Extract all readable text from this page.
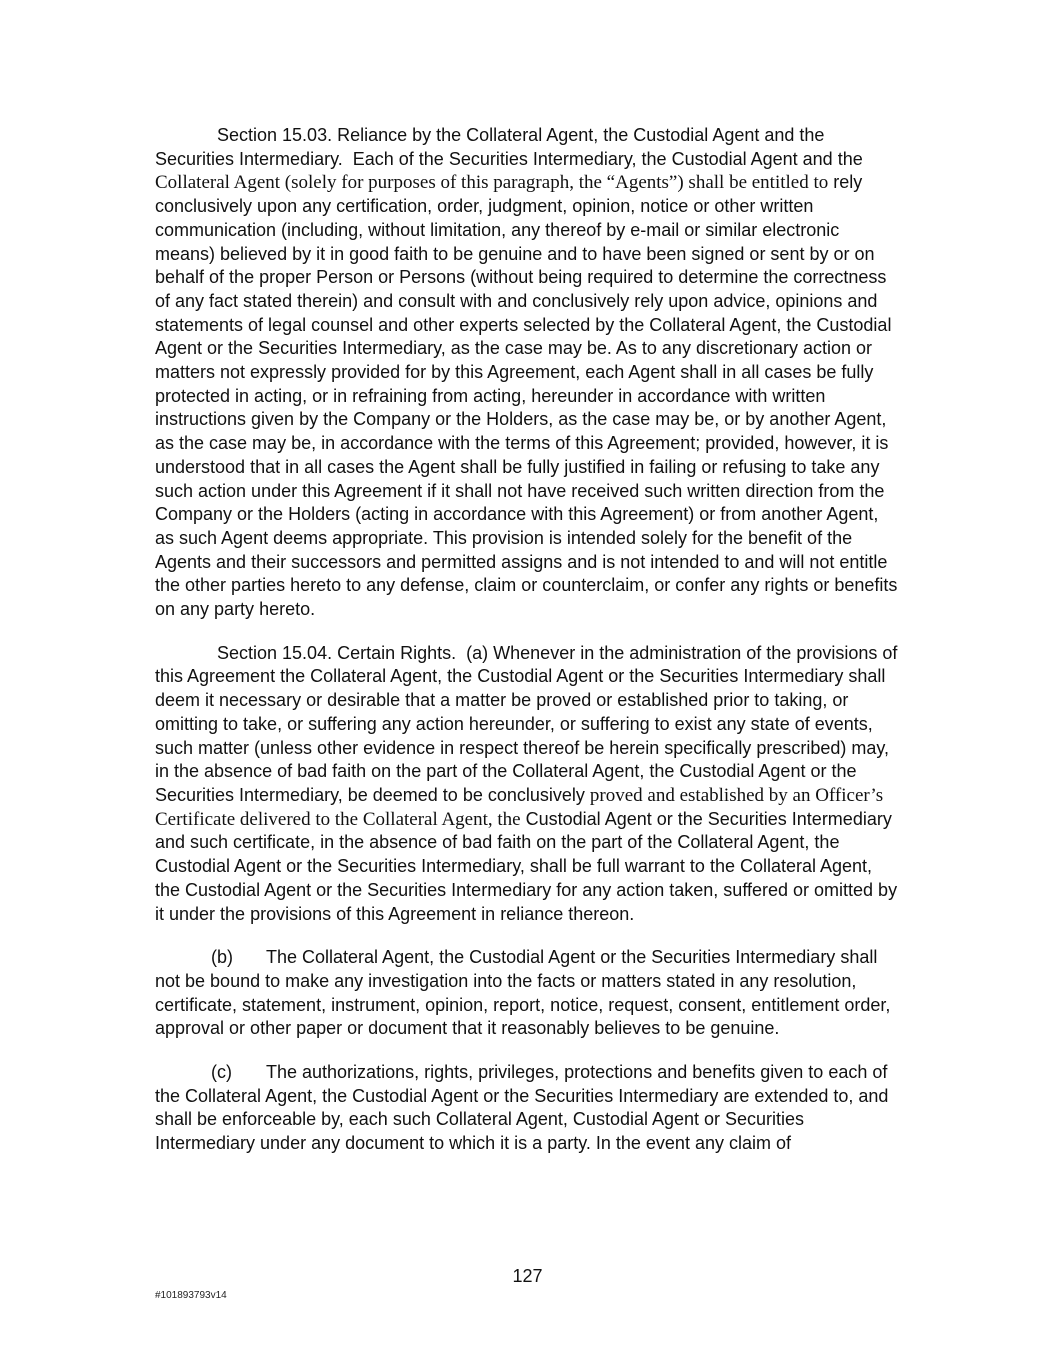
Section 15.03. Reliance by the Collateral Agent, the Custodial Agent and the Securities Intermediary. Each of the Securities Intermediary, the Custodial Agent and the Collateral Agent (solely for purposes of this paragraph, the “Agents”) shall be entitled to rely conclusively upon any certification, order, judgment, opinion, notice or other written communication (including, without limitation, any thereof by e-mail or similar electronic means) believed by it in good faith to be genuine and to have been signed or sent by or on behalf of the proper Person or Persons (without being required to determine the correctness of any fact stated therein) and consult with and conclusively rely upon advice, opinions and statements of legal counsel and other experts selected by the Collateral Agent, the Custodial Agent or the Securities Intermediary, as the case may be. As to any discretionary action or matters not expressly provided for by this Agreement, each Agent shall in all cases be fully protected in acting, or in refraining from acting, hereunder in accordance with written instructions given by the Company or the Holders, as the case may be, or by another Agent, as the case may be, in accordance with the terms of this Agreement; provided, however, it is understood that in all cases the Agent shall be fully justified in failing or refusing to take any such action under this Agreement if it shall not have received such written direction from the Company or the Holders (acting in accordance with this Agreement) or from another Agent, as such Agent deems appropriate. This provision is intended solely for the benefit of the Agents and their successors and permitted assigns and is not intended to and will not entitle the other parties hereto to any defense, claim or counterclaim, or confer any rights or benefits on any party hereto.

Section 15.04. Certain Rights. (a) Whenever in the administration of the provisions of this Agreement the Collateral Agent, the Custodial Agent or the Securities Intermediary shall deem it necessary or desirable that a matter be proved or established prior to taking, or omitting to take, or suffering any action hereunder, or suffering to exist any state of events, such matter (unless other evidence in respect thereof be herein specifically prescribed) may, in the absence of bad faith on the part of the Collateral Agent, the Custodial Agent or the Securities Intermediary, be deemed to be conclusively proved and established by an Officer’s Certificate delivered to the Collateral Agent, the Custodial Agent or the Securities Intermediary and such certificate, in the absence of bad faith on the part of the Collateral Agent, the Custodial Agent or the Securities Intermediary, shall be full warrant to the Collateral Agent, the Custodial Agent or the Securities Intermediary for any action taken, suffered or omitted by it under the provisions of this Agreement in reliance thereon.

(b) The Collateral Agent, the Custodial Agent or the Securities Intermediary shall not be bound to make any investigation into the facts or matters stated in any resolution, certificate, statement, instrument, opinion, report, notice, request, consent, entitlement order, approval or other paper or document that it reasonably believes to be genuine.

(c) The authorizations, rights, privileges, protections and benefits given to each of the Collateral Agent, the Custodial Agent or the Securities Intermediary are extended to, and shall be enforceable by, each such Collateral Agent, Custodial Agent or Securities Intermediary under any document to which it is a party. In the event any claim of

127
#101893793v14
